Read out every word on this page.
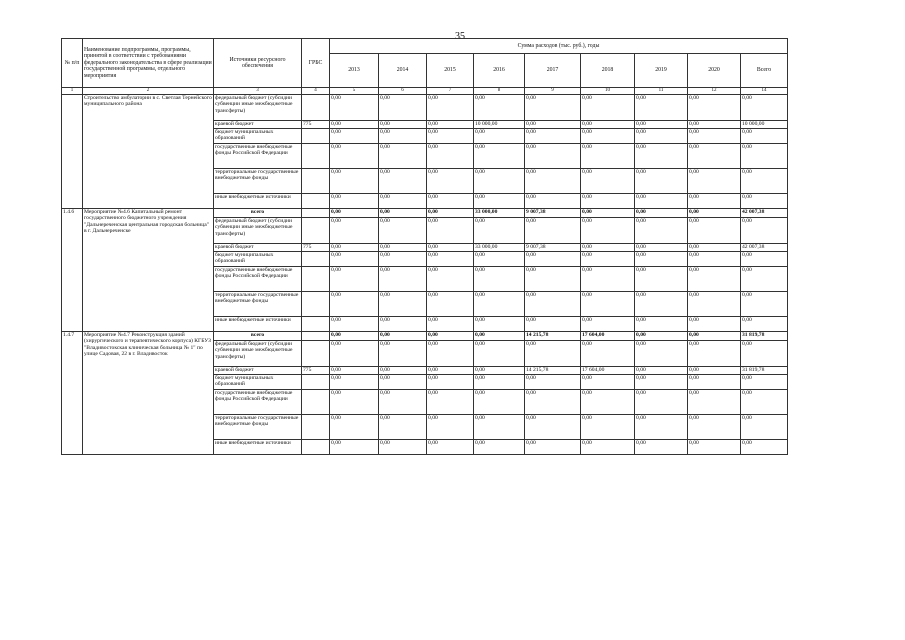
35
№ п/п	Наименование подпрограммы, программы, принятой в соответствии с требованиями федерального законодательства в сфере реализации государственной программы, отдельного мероприятия	Источники ресурсного обеспечения	ГРБС	Сумма расходов (тыс. руб.), годы								
				2013	2014	2015	2016	2017	2018	2019	2020	Всего
1	2	3	4	5	6	7	8	9	10	11	12	14
	Строительство амбулатории в с. Светлая Тернейского муниципального района	федеральный бюджет (субсидии субвенции иные межбюджетные трансферты)		0,00	0,00	0,00	0,00	0,00	0,00	0,00	0,00	0,00
		краевой бюджет	775	0,00	0,00	0,00	10 000,00	0,00	0,00	0,00	0,00	10 000,00
		бюджет муниципальных образований		0,00	0,00	0,00	0,00	0,00	0,00	0,00	0,00	0,00
		государственные внебюджетные фонды Российской Федерации		0,00	0,00	0,00	0,00	0,00	0,00	0,00	0,00	0,00
		территориальные государственные внебюджетные фонды		0,00	0,00	0,00	0,00	0,00	0,00	0,00	0,00	0,00
		иные внебюджетные источники		0,00	0,00	0,00	0,00	0,00	0,00	0,00	0,00	0,00
1.4.6	Мероприятие №4.6 Капитальный ремонт государственного бюджетного учреждения "Дальнереченская центральная городская больница" в г. Дальнереченске	всего		0,00	0,00	0,00	33 000,00	9 007,38	0,00	0,00	0,00	42 007,38
		федеральный бюджет (субсидии субвенции иные межбюджетные трансферты)		0,00	0,00	0,00	0,00	0,00	0,00	0,00	0,00	0,00
		краевой бюджет	775	0,00	0,00	0,00	33 000,00	9 007,38	0,00	0,00	0,00	42 007,38
		бюджет муниципальных образований		0,00	0,00	0,00	0,00	0,00	0,00	0,00	0,00	0,00
		государственные внебюджетные фонды Российской Федерации		0,00	0,00	0,00	0,00	0,00	0,00	0,00	0,00	0,00
		территориальные государственные внебюджетные фонды		0,00	0,00	0,00	0,00	0,00	0,00	0,00	0,00	0,00
		иные внебюджетные источники		0,00	0,00	0,00	0,00	0,00	0,00	0,00	0,00	0,00
1.4.7	Мероприятие №4.7 Реконструкция зданий (хирургического и терапевтического корпуса) КГБУЗ "Владивостокская клиническая больница № 1" по улице Садовая, 22 в г. Владивосток	всего		0,00	0,00	0,00	0,00	14 215,78	17 604,00	0,00	0,00	31 819,78
		федеральный бюджет (субсидии субвенции иные межбюджетные трансферты)		0,00	0,00	0,00	0,00	0,00	0,00	0,00	0,00	0,00
		краевой бюджет	775	0,00	0,00	0,00	0,00	14 215,78	17 604,00	0,00	0,00	31 819,78
		бюджет муниципальных образований		0,00	0,00	0,00	0,00	0,00	0,00	0,00	0,00	0,00
		государственные внебюджетные фонды Российской Федерации		0,00	0,00	0,00	0,00	0,00	0,00	0,00	0,00	0,00
		территориальные государственные внебюджетные фонды		0,00	0,00	0,00	0,00	0,00	0,00	0,00	0,00	0,00
		иные внебюджетные источники		0,00	0,00	0,00	0,00	0,00	0,00	0,00	0,00	0,00
